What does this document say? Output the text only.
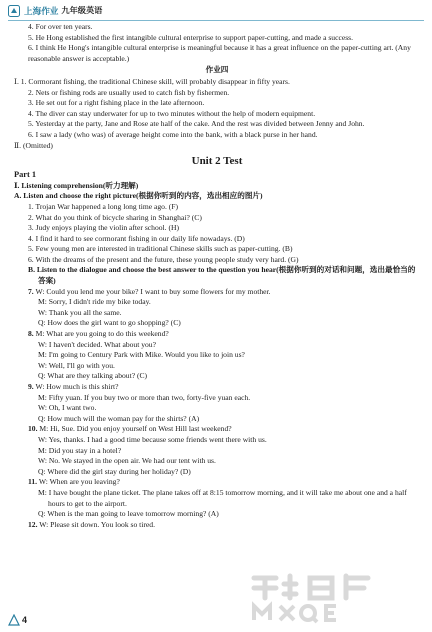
上海作业 九年级英语
4. For over ten years.
5. He Hong established the first intangible cultural enterprise to support paper-cutting, and made a success.
6. I think He Hong's intangible cultural enterprise is meaningful because it has a great influence on the paper-cutting art. (Any reasonable answer is acceptable.)
作业四
Ⅰ. 1. Cormorant fishing, the traditional Chinese skill, will probably disappear in fifty years.
2. Nets or fishing rods are usually used to catch fish by fishermen.
3. He set out for a right fishing place in the late afternoon.
4. The diver can stay underwater for up to two minutes without the help of modern equipment.
5. Yesterday at the party, Jane and Rose ate half of the cake. And the rest was divided between Jenny and John.
6. I saw a lady (who was) of average height come into the bank, with a black purse in her hand.
Ⅱ. (Omitted)
Unit 2 Test
Part 1
Ⅰ. Listening comprehension(听力理解)
A. Listen and choose the right picture(根据你听到的内容，选出相应的图片)
1. Trojan War happened a long long time ago. (F)
2. What do you think of bicycle sharing in Shanghai? (C)
3. Judy enjoys playing the violin after school. (H)
4. I find it hard to see cormorant fishing in our daily life nowadays. (D)
5. Few young men are interested in traditional Chinese skills such as paper-cutting. (B)
6. With the dreams of the present and the future, these young people study very hard. (G)
B. Listen to the dialogue and choose the best answer to the question you hear(根据你听到的对话和问题，选出最恰当的答案)
7. W: Could you lend me your bike? I want to buy some flowers for my mother.
M: Sorry, I didn't ride my bike today.
W: Thank you all the same.
Q: How does the girl want to go shopping? (C)
8. M: What are you going to do this weekend?
W: I haven't decided. What about you?
M: I'm going to Century Park with Mike. Would you like to join us?
W: Well, I'll go with you.
Q: What are they talking about? (C)
9. W: How much is this shirt?
M: Fifty yuan. If you buy two or more than two, forty-five yuan each.
W: Oh, I want two.
Q: How much will the woman pay for the shirts? (A)
10. M: Hi, Sue. Did you enjoy yourself on West Hill last weekend?
W: Yes, thanks. I had a good time because some friends went there with us.
M: Did you stay in a hotel?
W: No. We stayed in the open air. We had our tent with us.
Q: Where did the girl stay during her holiday? (D)
11. W: When are you leaving?
M: I have bought the plane ticket. The plane takes off at 8:15 tomorrow morning, and it will take me about one and a half hours to get to the airport.
Q: When is the man going to leave tomorrow morning? (A)
12. W: Please sit down. You look so tired.
4
